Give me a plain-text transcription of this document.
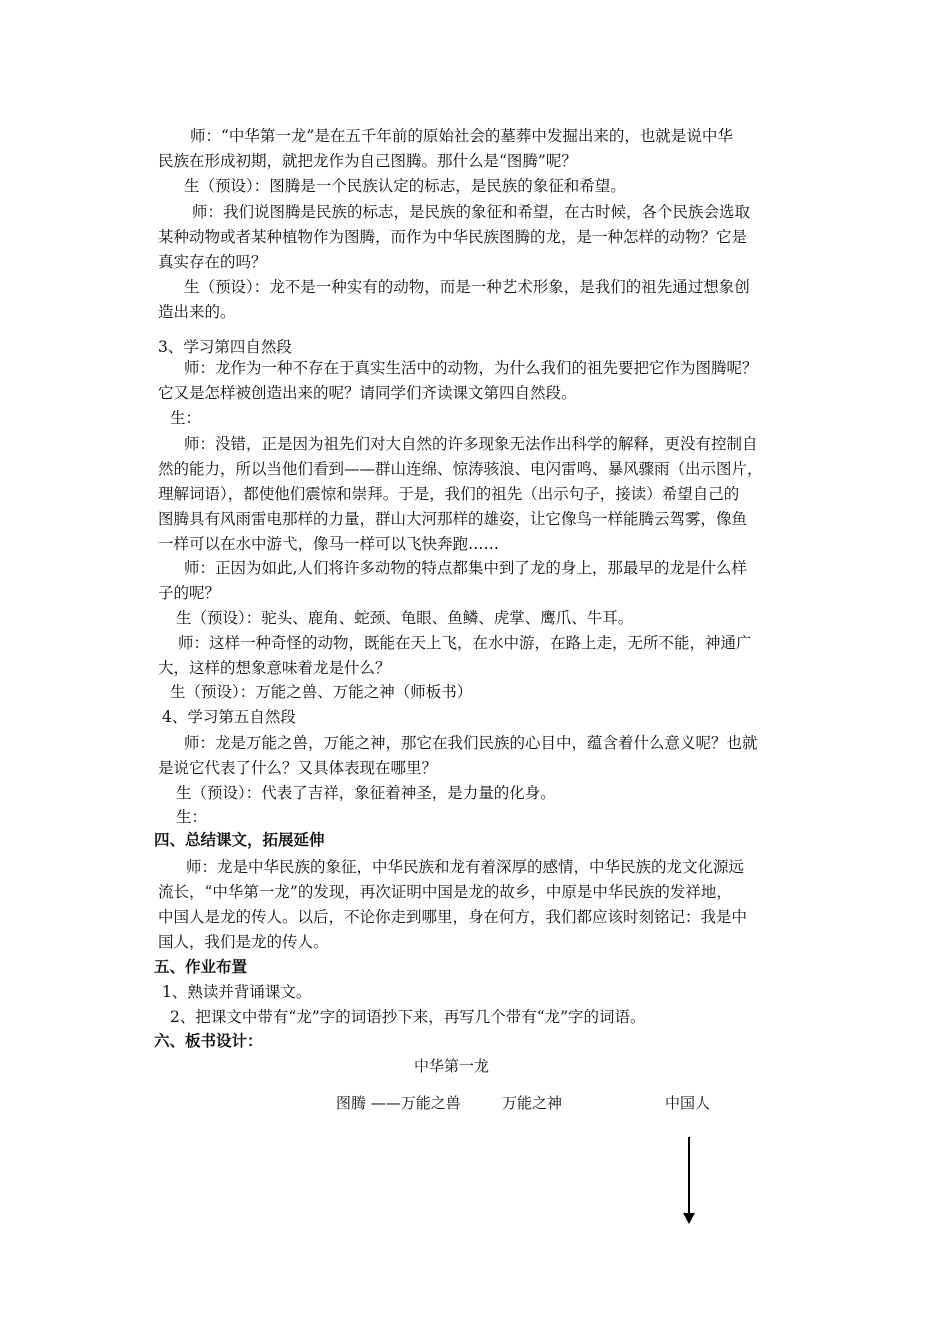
师：“中华第一龙”是在五千年前的原始社会的墓葬中发掘出来的，也就是说中华
民族在形成初期，就把龙作为自己图腾。那什么是“图腾”呢？
生（预设）：图腾是一个民族认定的标志，是民族的象征和希望。
师：我们说图腾是民族的标志，是民族的象征和希望，在古时候，各个民族会选取
某种动物或者某种植物作为图腾，而作为中华民族图腾的龙，是一种怎样的动物？它是
真实存在的吗？
生（预设）：龙不是一种实有的动物，而是一种艺术形象，是我们的祖先通过想象创
造出来的。
3、学习第四自然段
师：龙作为一种不存在于真实生活中的动物，为什么我们的祖先要把它作为图腾呢？
它又是怎样被创造出来的呢？请同学们齐读课文第四自然段。
生：
师：没错，正是因为祖先们对大自然的许多现象无法作出科学的解释，更没有控制自
然的能力，所以当他们看到——群山连绵、惊涛骇浪、电闪雷鸣、暴风骤雨（出示图片，
理解词语），都使他们震惊和崇拜。于是，我们的祖先（出示句子，接读）希望自己的
图腾具有风雨雷电那样的力量，群山大河那样的雄姿，让它像鸟一样能腾云驾雾，像鱼
一样可以在水中游弋，像马一样可以飞快奔跑……
师：正因为如此,人们将许多动物的特点都集中到了龙的身上，那最早的龙是什么样
子的呢？
生（预设）：驼头、鹿角、蛇颈、龟眼、鱼鳞、虎掌、鹰爪、牛耳。
师：这样一种奇怪的动物，既能在天上飞，在水中游，在路上走，无所不能，神通广
大，这样的想象意味着龙是什么？
生（预设）：万能之兽、万能之神（师板书）
4、学习第五自然段
师：龙是万能之兽，万能之神，那它在我们民族的心目中，蕴含着什么意义呢？也就
是说它代表了什么？又具体表现在哪里？
生（预设）：代表了吉祥，象征着神圣，是力量的化身。
生：
四、总结课文，拓展延伸
师：龙是中华民族的象征，中华民族和龙有着深厚的感情，中华民族的龙文化源远
流长，“中华第一龙”的发现，再次证明中国是龙的故乡，中原是中华民族的发祥地，
中国人是龙的传人。以后，不论你走到哪里，身在何方，我们都应该时刻铭记：我是中
国人，我们是龙的传人。
五、作业布置
1、熟读并背诵课文。
2、把课文中带有“龙”字的词语抄下来，再写几个带有“龙”字的词语。
六、板书设计：
中华第一龙
图腾 ——万能之兽	万能之神	中国人
